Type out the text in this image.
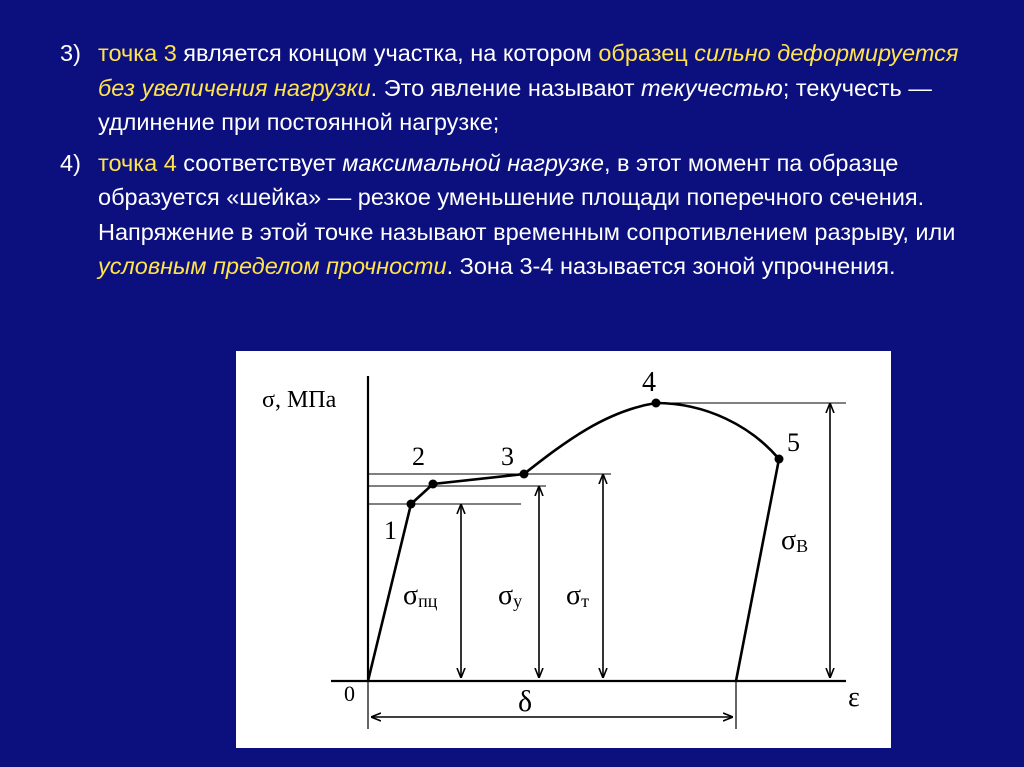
3) точка 3 является концом участка, на котором образец сильно деформируется без увеличения нагрузки. Это явление называют текучестью; текучесть — удлинение при постоянной нагрузке;
4) точка 4 соответствует максимальной нагрузке, в этот момент па образце образуется «шейка» — резкое уменьшение площади поперечного сечения. Напряжение в этой точке называют временным сопротивлением разрыву, или условным пределом прочности. Зона 3-4 называется зоной упрочнения.
σ, МПа
ε
0
1
2	3
4
5
σпц σу σт
σВ
δ
